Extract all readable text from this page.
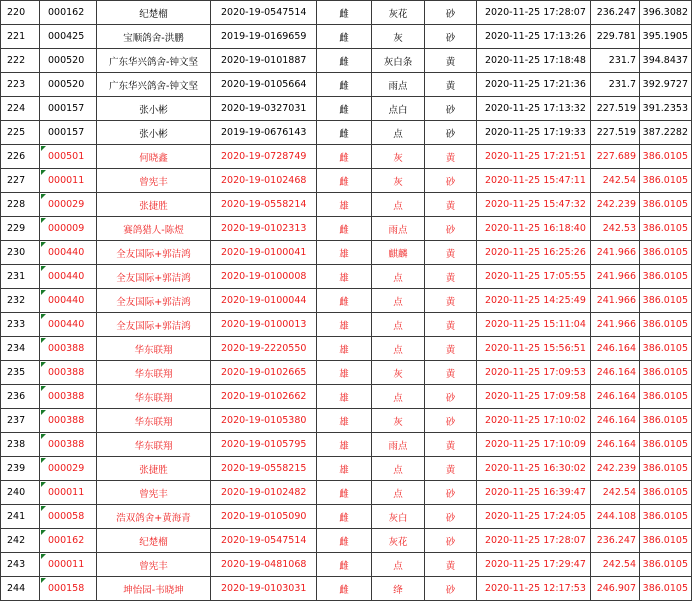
220	000162	纪楚榴	2020-19-0547514	雌	灰花	砂	2020-11-25 17:28:07	236.247	396.3082
221	000425	宝顺鸽舍-洪鹏	2019-19-0169659	雌	灰	砂	2020-11-25 17:13:26	229.781	395.1905
222	000520	广东华兴鸽舍-钟文坚	2020-19-0101887	雌	灰白条	黄	2020-11-25 17:18:48	231.7	394.8437
223	000520	广东华兴鸽舍-钟文坚	2020-19-0105664	雌	雨点	黄	2020-11-25 17:21:36	231.7	392.9727
224	000157	张小彬	2020-19-0327031	雌	点白	砂	2020-11-25 17:13:32	227.519	391.2353
225	000157	张小彬	2019-19-0676143	雌	点	砂	2020-11-25 17:19:33	227.519	387.2282
226	000501	何晓鑫	2020-19-0728749	雌	灰	黄	2020-11-25 17:21:51	227.689	386.0105
227	000011	曾宪丰	2020-19-0102468	雌	灰	砂	2020-11-25 15:47:11	242.54	386.0105
228	000029	张捷胜	2020-19-0558214	雄	点	黄	2020-11-25 15:47:32	242.239	386.0105
229	000009	赛鸽猎人-陈煜	2020-19-0102313	雌	雨点	砂	2020-11-25 16:18:40	242.53	386.0105
230	000440	全友国际+郭洁鸿	2020-19-0100041	雄	麒麟	黄	2020-11-25 16:25:26	241.966	386.0105
231	000440	全友国际+郭洁鸿	2020-19-0100008	雄	点	黄	2020-11-25 17:05:55	241.966	386.0105
232	000440	全友国际+郭洁鸿	2020-19-0100044	雌	点	黄	2020-11-25 14:25:49	241.966	386.0105
233	000440	全友国际+郭洁鸿	2020-19-0100013	雄	点	黄	2020-11-25 15:11:04	241.966	386.0105
234	000388	华东联翔	2020-19-2220550	雄	点	黄	2020-11-25 15:56:51	246.164	386.0105
235	000388	华东联翔	2020-19-0102665	雄	灰	黄	2020-11-25 17:09:53	246.164	386.0105
236	000388	华东联翔	2020-19-0102662	雄	点	砂	2020-11-25 17:09:58	246.164	386.0105
237	000388	华东联翔	2020-19-0105380	雄	灰	砂	2020-11-25 17:10:02	246.164	386.0105
238	000388	华东联翔	2020-19-0105795	雄	雨点	黄	2020-11-25 17:10:09	246.164	386.0105
239	000029	张捷胜	2020-19-0558215	雄	点	黄	2020-11-25 16:30:02	242.239	386.0105
240	000011	曾宪丰	2020-19-0102482	雌	点	砂	2020-11-25 16:39:47	242.54	386.0105
241	000058	浩双鸽舍+黄海青	2020-19-0105090	雌	灰白	砂	2020-11-25 17:24:05	244.108	386.0105
242	000162	纪楚榴	2020-19-0547514	雌	灰花	砂	2020-11-25 17:28:07	236.247	386.0105
243	000011	曾宪丰	2020-19-0481068	雌	点	黄	2020-11-25 17:29:47	242.54	386.0105
244	000158	坤怡园-韦晓坤	2020-19-0103031	雌	绛	砂	2020-11-25 12:17:53	246.907	386.0105
